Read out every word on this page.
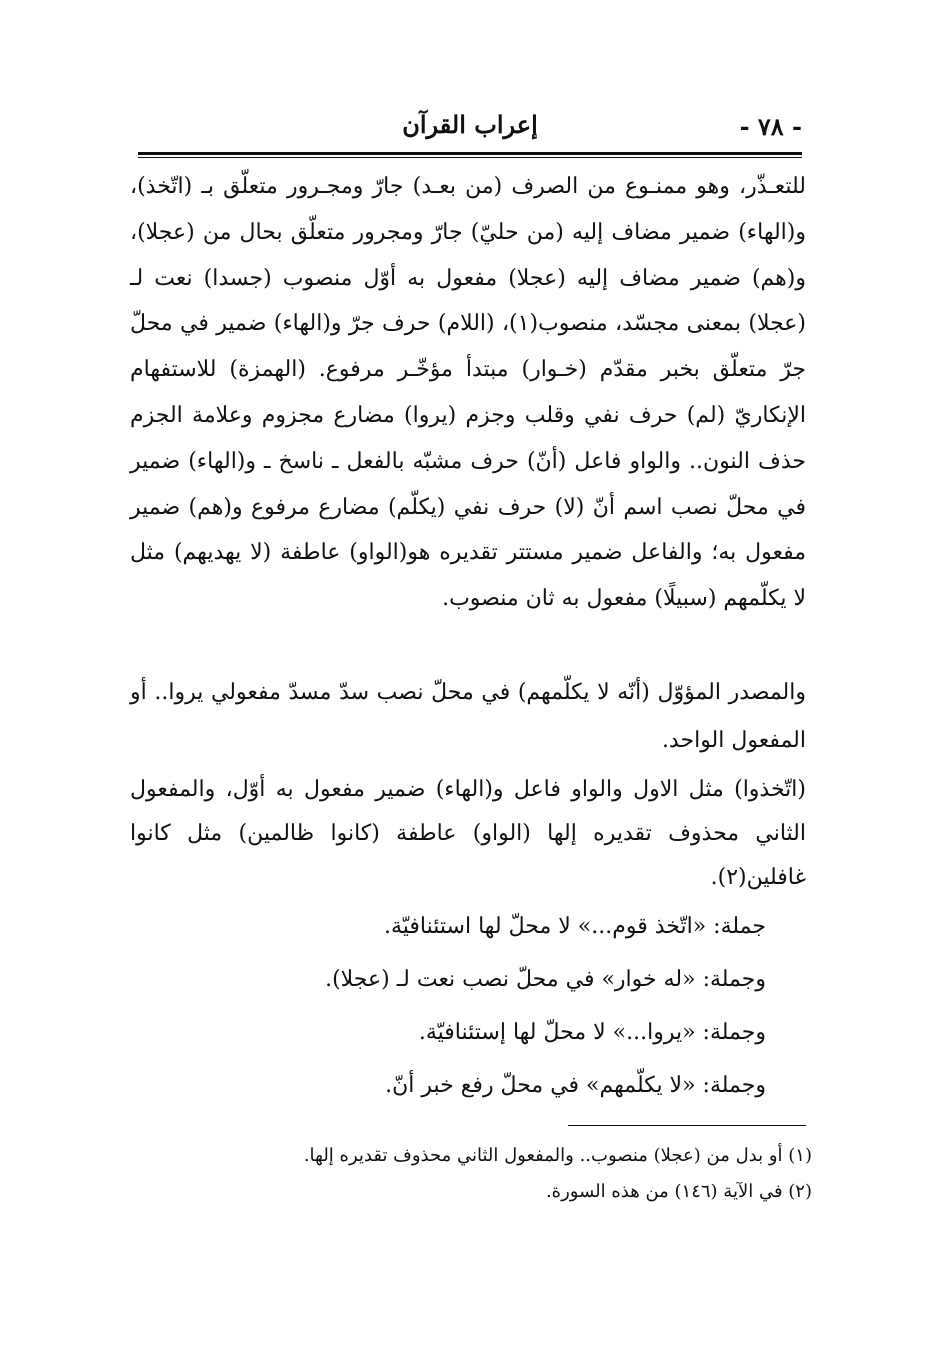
- ٧٨ -
إعراب القرآن

للتعـذّر، وهو ممنـوع من الصرف (من بعـد) جارّ ومجـرور متعلّق بـ (اتّخذ)، و(الهاء) ضمير مضاف إليه (من حليّ) جارّ ومجرور متعلّق بحال من (عجلا)، و(هم) ضمير مضاف إليه (عجلا) مفعول به أوّل منصوب (جسدا) نعت لـ (عجلا) بمعنى مجسّد، منصوب(١)، (اللام) حرف جرّ و(الهاء) ضمير في محلّ جرّ متعلّق بخبر مقدّم (خـوار) مبتدأ مؤخّـر مرفوع. (الهمزة) للاستفهام الإنكاريّ (لم) حرف نفي وقلب وجزم (يروا) مضارع مجزوم وعلامة الجزم حذف النون.. والواو فاعل (أنّ) حرف مشبّه بالفعل ـ ناسخ ـ و(الهاء) ضمير في محلّ نصب اسم أنّ (لا) حرف نفي (يكلّم) مضارع مرفوع و(هم) ضمير مفعول به؛ والفاعل ضمير مستتر تقديره هو(الواو) عاطفة (لا يهديهم) مثل لا يكلّمهم (سبيلًا) مفعول به ثان منصوب.

والمصدر المؤوّل (أنّه لا يكلّمهم) في محلّ نصب سدّ مسدّ مفعولي يروا.. أو المفعول الواحد.

(اتّخذوا) مثل الاول والواو فاعل و(الهاء) ضمير مفعول به أوّل، والمفعول الثاني محذوف تقديره إلها (الواو) عاطفة (كانوا ظالمين) مثل كانوا غافلين(٢).

جملة: «اتّخذ قوم...» لا محلّ لها استئنافيّة.
وجملة: «له خوار» في محلّ نصب نعت لـ (عجلا).
وجملة: «يروا...» لا محلّ لها إستئنافيّة.
وجملة: «لا يكلّمهم» في محلّ رفع خبر أنّ.
(١) أو بدل من (عجلا) منصوب.. والمفعول الثاني محذوف تقديره إلها.
(٢) في الآية (١٤٦) من هذه السورة.
